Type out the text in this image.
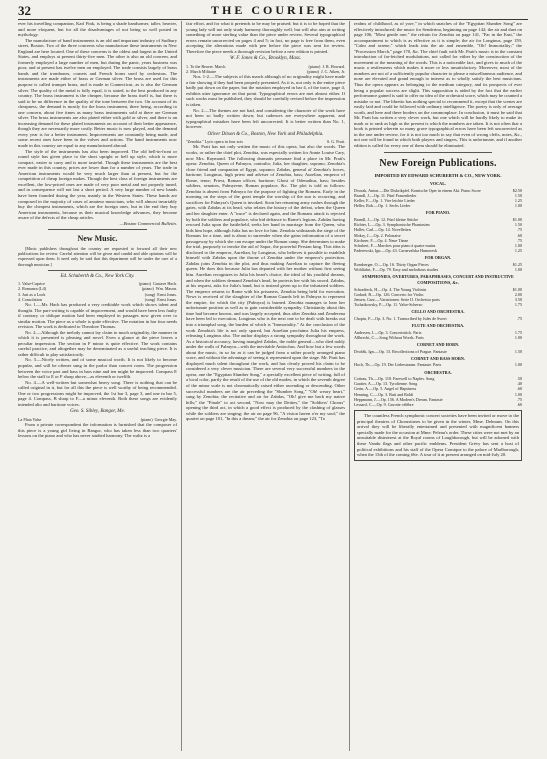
32	THE COURIER.

ever his travelling companion, Karl Fink, is being a shade handsomer, taller, heavier, and more eloquent, but for all the disadvantages of not being so well posted in mythology.

The manufacture of band instruments is an old and important industry of Sudbury street, Boston. Two of the three concerns who manufacture these instruments in New England are here located. One of these concerns is the oldest and largest in the United States, and employs at present thirty-five men. The other is also an old concern, and formerly employed a large number of men, but during the panic, years business was poor, and at present has twelve men on employed. The trade consists largely of brass bands and the trombones, cornets and French horns used by orchestras. The instruments are made either of brass or German silver. The brass are used for this purpose is called trumpet brass, and is made in Connecticut, as is also the German silver. The quality of the metal is fully equal, it is stated, to the best produced in any country. The brass instrument is the cheaper, because the brass itself is, but there is said to be no difference in the quality of the tone between the two. On account of its cheapness, the demand is mostly for the brass instrument, there being, according to one concern, about five times as many brass instruments sold at there are German silver. The brass instruments are also plated either with gold or silver, and there is an increasing demand for these plated instruments on account of their better appearance, though they are necessarily more costly. Better music is now played, and the demand every year is for a better instrument. Improvements are constantly being made, and some recent ones have been in the valves and actions. The band instruments now made in this country are equal to any manufactured abroad.

The style of the instruments has also been improved. The old bell-in-front or round style has given place to the short upright or bell up style, which is more compact, easier to carry and is more tasteful. Though these instruments are the best ever made in this country, prices are lower than for a number of years. The trade in American instruments would be very much larger than at present, but for the competition of cheap foreign makes. Though the best class of foreign instruments are excellent, the low-priced ones are made of very poor metal and not properly tuned, and in consequence will not last a short period. A very large number of new bands have been founded during the year, mainly in the Western States. These bands are composed in the majority of cases of amateur musicians, who will almost invariably buy the cheapest instruments, which are the foreign ones, but in the end they buy American instruments, because as their musical knowledge advances, they become aware of the defects of the cheap articles.

—Boston Commercial Bulletin.

New Music.

[Music publishers throughout the country are requested to forward all their new publications for review. Careful attention will be given and candid and able opinions will be expressed upon them. It need only be said that this department will be under the care of a thorough musician.]

Ed. Schuberth & Co., New York City.
1. Valse-Caprice	(piano) Gustave Hach.
2. Romanza (Lil)	(piano) Wm. Mason.
3. Just as a Look	(song) Ernst Jonas.
4. Consolation	(song) Ernst Jonas.

No. 1.—Mr. Hach has produced a very creditable work which shows talent and thought. The part-writing is capable of improvement, and would have been less faulty if contrary or oblique motion had been employed in passages now given over to similar motion. The piece as a whole is quite effective. The notation in bar four needs revision. The work is dedicated to Theodore Thomas.

No. 2.—Although the melody cannot lay claim to much originality, the manner in which it is presented is pleasing and novel. Even a glance at the piece leaves a peculiar impression. The section in F minor is quite effective. The work contains careful practice, and altogether may be denominated as a useful teaching piece. It is rather difficult to play satisfactorily.

No. 3.—Nicely written, and of some musical worth. It is not likely to become popular, and will be oftener sung in the parlor than concert room. The progression between the voice part and bass in bars nine and ten might be improved. Compass E below the staff to E or F sharp above—as eleventh or twelfth.

No. 4.—A well-written but somewhat heavy song. There is nothing that can be called original in it, but for all this the piece is well worthy of being recommended. One or two progressions might be improved, the 1st bar 3, page 3, and one in bar 5, page 4. Compass, B sharp to F—a minor eleventh. Both these songs are evidently intended alto and baritone voices.

Geo. S. Sibley, Bangor, Me.
La Plata Valse	(piano) Georgie May.

From a private correspondent the information is furnished that the composer of this piece is a young girl living in Bangor, who has taken less than two quarters' lessons on the piano and who has never studied harmony. The waltz is a

fair effort, and for what it pretends to be may be praised; but it is to be hoped that the young lady will not only study harmony thoroughly well, but will also aim at writing something of more sterling value than the piece under review. Several typographical errors remain uncorrected on pages 4 and 5; in fact, no page is free from them, even accepting the alterations made with pen before the piece was sent for review. Therefore the piece needs a thorough revision before a new edition is printed.

W. F. Jones & Co., Brooklyn, Mass.
1. To the Beaver. March	(piano) J. R. Howard.
2. March Militaire	(piano) J. C. Aiken, Jr.

Nos. 1-2.—The subjects of this march although of no originality might have made a fair showing if they had been properly presented. As it is, not only is the entire piece badly put down on the paper, but the notation employed in bar 4, of the trace, page 4, exhibits utter ignorance on that point. Typographical errors are met almost either. If such works must be published, they should be carefully revised before the impression is taken.

No. 2.—The themes are not bad, and considering the character of the work have not been so badly written down; but cadences are everywhere apparent, and typographical mistakes have been left uncorrected. It is better written than No. 1, however.

Oliver Ditson & Co., Boston, New York and Philadelphia.
"Zenobia." Lyric opera in four acts	S. G. Pratt.

Mr. Pratt has not only written the music of this opera, but also the words. The works, or rather the chief plot, Zenobia, was especially written for Annie Louise Cary, now Mrs. Raymond. The following dramatis personae find a place in Mr. Pratt's opera: Zenobia, Queen of Palmyra, contralto; Julia, her daughter, soprano; Zenobia's close friend and companion of Egypt, soprano; Zabdas, general of Zenobia's forces, baritone; Longinus, high priest and adviser of Zenobia, bass; Aurelian, emperor of Rome, tenor; Priest, Roman officer, baritone; Ghost of Odenathus, bass; besides soldiers, senators, Palmyrene, Roman populace, &c. The plot is told as follows: Zenobia is absent from Palmyra for the purpose of fighting the Romans. Early in the morning on the steps of the great temple the worship of the sun is occurring, and sacrifices for Palmyra's Queen is invoked. Soon her returning army rushes through the gates, with Zabdas at its head, who relates the history of the defeat, when the Queen and her daughter enter. A "truce" is declared again, and the Romans attack is rejected by both the soldiers and populace, who bid defiance to Rome's legions. Zabdas having rescued Julia upon the battlefield, seeks her hand in marriage from the Queen, who bids him hope, although Julia has no love for him. Zenobia withstands the siege of the Romans for a time, and is about to surrender when she gains information of a secret passageway by which she can escape under the Roman camp. She determines to make the trial, purposely to invoke the aid of Sapor, the powerful Persian king. This idea is disclosed to the emperor, Aurelian, by Longinus, who believes it possible to establish himself with Zabdas upon the throne of Zenobia under the emperor's protection. Zabdas joins Zenobia in the plot, and thus making Aurelian to capture the fleeing queen. He does this because Julia has departed with her mother without first seeing him. Aurelian recognizes in Julia his heart's choice, the ideal of his youthful dreams, and when the soldiers demand Zenobia's head, he protects her with his sword. Zabdas, at his request, asks for Julia's hand, but is instead given up to the infuriated soldiers. The emperor returns to Rome with his prisoners, Zenobia being held for execution. News is received of the slaughter of the Roman Guards left in Palmyra to represent the empire, for which the city (Palmyra) is burned. Zenobia manages to hear her unfortunate position as well as to gain considerable sympathy. Christianity about this time had become known, and was largely accepted, thus after Zenobia and Zenderena have been led to execution, Longinus who is the next one to be dealt with breaks out into a triumphal song, the burden of which is "Immortality." At the conclusion of the work Zenobia's life is not only spared, but Aurelian proclaims Julia his empress, releasing Longinus also. The author displays a strong sympathy throughout the work. As a historical accuracy, having mangled Zabdas, the noble general—who died nobly under the walls of Palmyra—with the inevitable Antiochus. And how but a few words about the music, in so far as it can be judged from a rather poorly arranged piano score, and without the advantage of seeing it represented upon the stage. Mr. Pratt has displayed much talent throughout the work, and has clearly proved his claim to be considered a very clever musician. There are several very successful numbers in the opera, one the "Egyptian Slumber Song," a specially excellent piece of writing, full of a local color, partly the result of the use of the old modes, in which the seventh degree of the minor scale is not chromatically raised either ascending or descending. Other successful numbers are the air preceding the "Slumber Song," "Oh! weary heart," sung by Zenobia; the recitative and air for Zabdas, "Oh! give me back my native hills;" the "Finale" to act second, "Now may the Deities," the "Soldiers' Chorus" opening the third act, in which a good effect is produced by the clashing of glasses while the soldiers are singing; the air on page 96, "A vision haven o'er my soul;" the quartet on page 101, "In this a dream;" the air for Zenobia on page 123, "To

realms of childhood, as of yore," in which snatches of the "Egyptian Slumber Song" are effectively introduced; the music for Senderina, beginning on page 142; the air and duet on page 106, "Most gentle one;" the refrain for Zenobia on page 141, "Far in the East," the accompaniment to which is as effective as it is simple; the air for Longinus, page 159, "Calm and serene," which leads into the air and ensemble, "Oh! Immortality;" the "Procession March," page 170, &c. The chief fault with Mr. Pratt's music is in the constant introduction of far-fetched modulations, not called for either by the construction of the movement or the meaning of the words. This is a noticeable fact, and gives to much of the music a restlessness which makes it more or less unsatisfactory. Moreover, most of the numbers are not of a sufficiently popular character to please a miscellaneous audience, and none are elevated and grand enough to interest as to wholly satisfy the best musicians. Thus the opera appears as belonging to the medium category, and its prospects of ever being a popular success are slight. This supposition is aided by the fact that the earlier performance gained is said to offer no idea of the orchestral score, which may be counted a mistake or not. The libretto has nothing special to recommend it, except that the scenes are easily laid and could be followed with ordinary intelligence. The poetry is only of average worth, and here and there borders on the commonplace. In conclusion, it must be said that Mr. Pratt has written a very clever work, but one which will be hardly likely to make its mark or to rank as high as the present is which the numbers are taken. It is not often that a book is printed wherein so many grave typographical errors have been left uncorrected as in the one under review, for it is not too much to say that even of wrong clefts, notes, &c., not one will be found in which both players and singers, This is unfortunate, and if another edition is called for every one of them should be eliminated.

New Foreign Publications.
IMPORTED BY EDWARD SCHUBERTH & CO., NEW YORK.
VOCAL.
Dvorak, Anton.—Die Diskrikpfel. Komische Oper in einem Akt. Piano Score	$2.50
Brandl, J.—Op. 11. Fünf Frauenlieder	1.50
Keller, F.—Op. 1. Vier leichte Lieder	1.25
Heller, Rob.—Op. 1. Sechs Lieder	1.00
FOR PIANO.
Brandl, J.—Op. 12. Fünf kleine Stücke	$1.00
Richter, L.—Op. 3. Symphonische Phantasien	1.50
Holler, Carl.—Op. 14. Novelletten	.75
Mokry, J.—Op. 2. Polonaise	.60
Kirchner, F.—Op. 4. Neue Tänze	.75
Schubert, F.—Marches pour piano à quatre mains	1.00
Paderewski, Ign.—Op. 43. Carnevalska Humoresk	1.25
FOR ORGAN.
Ronsberger, O.—Op. 16. Thirty Organ Pieces	$1.25
Wohlfahrt, F.—Op. 79. Easy and melodious studies	1.00
SYMPHONIES, OVERTURES, PARAPHRASES, CONCERT AND INSTRUCTIVE COMPOSITIONS, &c.
Schradieck, H.—Op. 4. The Young Violinist	$1.00
Godard, B.—Op. 126. Concerto for Violin	2.00
Jensen, Gust.—Variationen. Serie II. Orchestra parts	3.50
Tschaikowsky, P.—Op. 11. Valse-Scherzo	1.75
CELLO AND ORCHESTRA.
Chopin, F.—Op. 3. No. 1. Transcribed by Jules de Swert	.75
FLUTE AND ORCHESTRA.
Andersen, J.—Op. 3. Concertstück. Parts	1.75
Allbrecht, C.—Song Without Words. Parts	1.00
CORNET AND HORN.
Dvořák, Ign.—Op. 13. Recollections of Prague. Fantasie	1.50
CORNET AND BASS HORN.
Hoch, Th.—Op. 19. Der Liebestraum. Fantasie. Parts	1.00
ORCHESTRA.
Cottrau, Th.—Op. 118. Farewell to Naples. Song	.50
Gautier, A.—Op. 13. Tyrolienne. Song	.40
Gerin, A.—Op. 5. Angel of Hapsiness	.60
Henning, C.—Op. 3. Buti and Boldi	1.00
Heppmann, J.—Op. 156. A Modern's Dream. Fantasie	.75
Lessard, C.—Op. 9. Gavotte célèbre	.60

The countless French symphonic concert societies have been invited or move to the principal theatres of Chorustirnes to be given in the winter, Mme. Delmans. On this arrival they will be liberally entertained and presented with magnificent banners specially made for the occasion at Mme. Peleau's order. These cities were not met by an unsuitable disinterest at the Royal rooms of Loughborough, but will be adorned with these Vandu flags and other pacific emblems. President Grévy has sent a host of political exhibitions and his staff of the Opera Comique to the palace of Marlborough, when the 13th of the coming fête. A tour of it at present arranged on mid-July 20.
